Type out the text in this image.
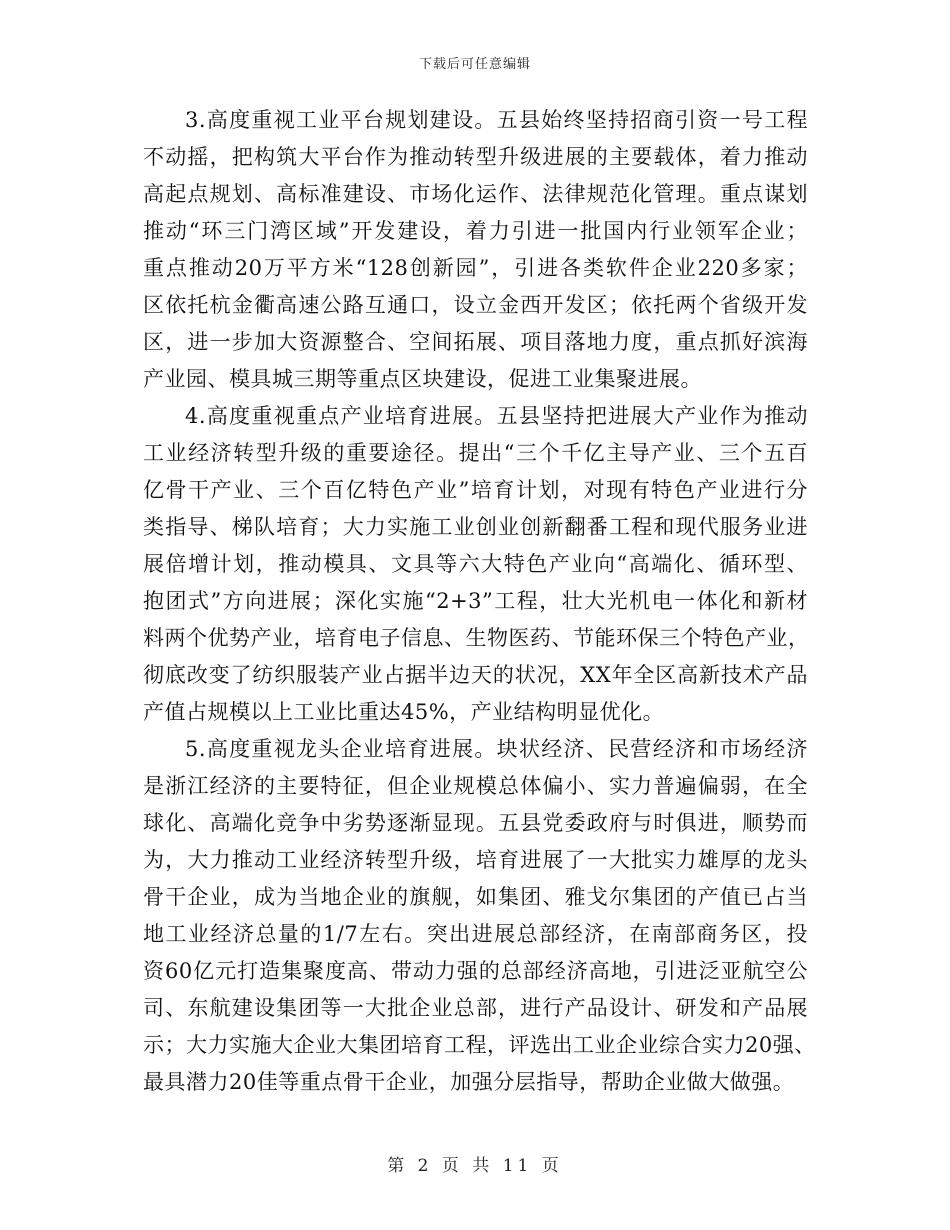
下载后可任意编辑
3.高度重视工业平台规划建设。五县始终坚持招商引资一号工程
不动摇，把构筑大平台作为推动转型升级进展的主要载体，着力推动
高起点规划、高标准建设、市场化运作、法律规范化管理。重点谋划
推动“环三门湾区域”开发建设，着力引进一批国内行业领军企业；
重点推动20万平方米“128创新园”，引进各类软件企业220多家；
区依托杭金衢高速公路互通口，设立金西开发区；依托两个省级开发
区，进一步加大资源整合、空间拓展、项目落地力度，重点抓好滨海
产业园、模具城三期等重点区块建设，促进工业集聚进展。
4.高度重视重点产业培育进展。五县坚持把进展大产业作为推动
工业经济转型升级的重要途径。提出“三个千亿主导产业、三个五百
亿骨干产业、三个百亿特色产业”培育计划，对现有特色产业进行分
类指导、梯队培育；大力实施工业创业创新翻番工程和现代服务业进
展倍增计划，推动模具、文具等六大特色产业向“高端化、循环型、
抱团式”方向进展；深化实施“2+3”工程，壮大光机电一体化和新材
料两个优势产业，培育电子信息、生物医药、节能环保三个特色产业，
彻底改变了纺织服装产业占据半边天的状况，XX年全区高新技术产品
产值占规模以上工业比重达45%，产业结构明显优化。
5.高度重视龙头企业培育进展。块状经济、民营经济和市场经济
是浙江经济的主要特征，但企业规模总体偏小、实力普遍偏弱，在全
球化、高端化竞争中劣势逐渐显现。五县党委政府与时俱进，顺势而
为，大力推动工业经济转型升级，培育进展了一大批实力雄厚的龙头
骨干企业，成为当地企业的旗舰，如集团、雅戈尔集团的产值已占当
地工业经济总量的1/7左右。突出进展总部经济，在南部商务区，投
资60亿元打造集聚度高、带动力强的总部经济高地，引进泛亚航空公
司、东航建设集团等一大批企业总部，进行产品设计、研发和产品展
示；大力实施大企业大集团培育工程，评选出工业企业综合实力20强、
最具潜力20佳等重点骨干企业，加强分层指导，帮助企业做大做强。
第 2 页 共 11 页
